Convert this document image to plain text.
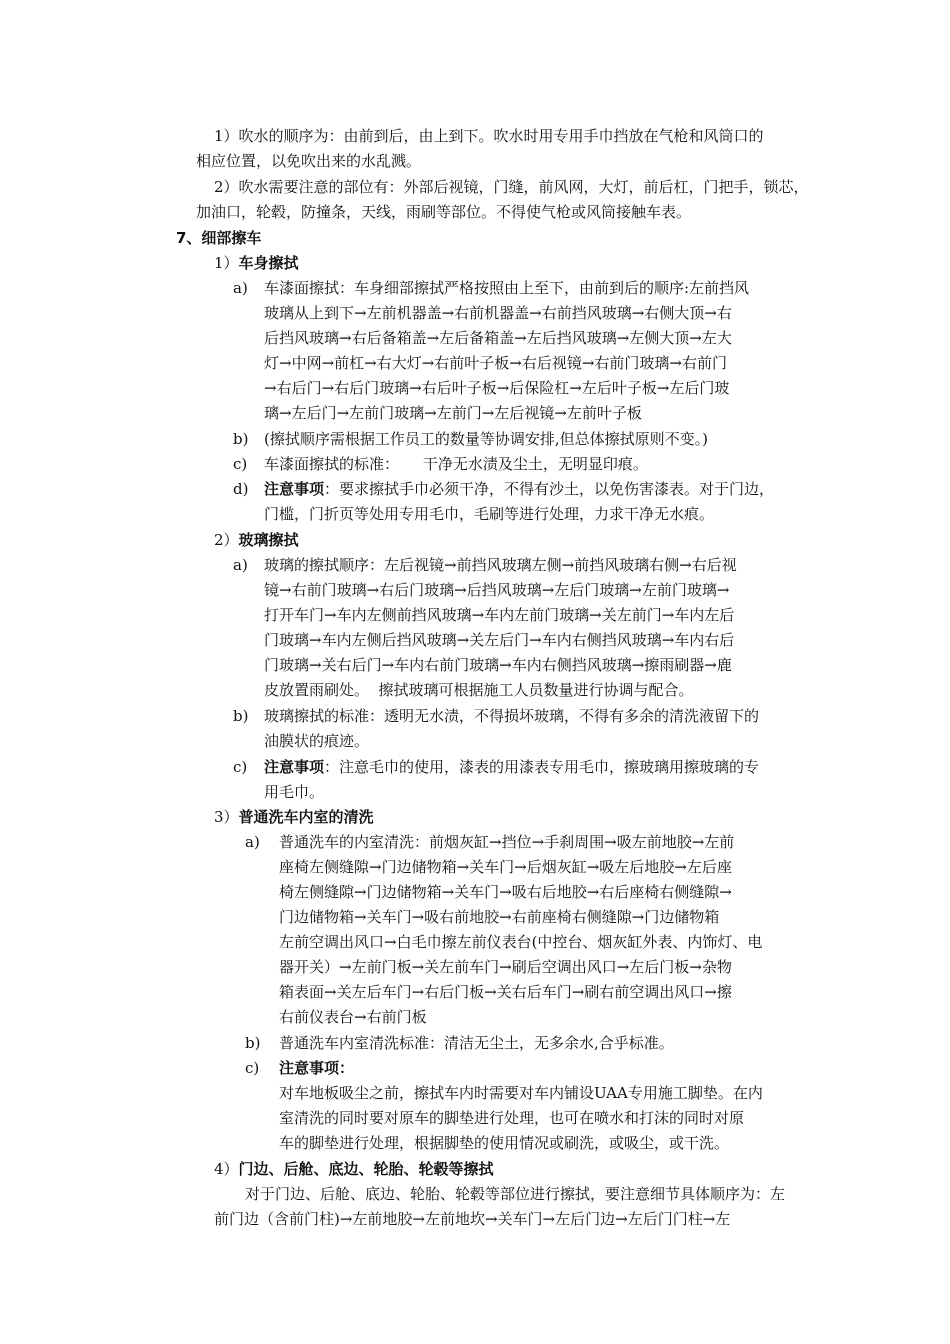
1）吹水的顺序为：由前到后，由上到下。吹水时用专用手巾挡放在气枪和风筒口的
相应位置，以免吹出来的水乱溅。
2）吹水需要注意的部位有：外部后视镜，门缝，前风网，大灯，前后杠，门把手，锁芯，
加油口，轮毂，防撞条，天线，雨刷等部位。不得使气枪或风筒接触车表。
7、细部擦车
1）车身擦拭
a) 车漆面擦拭：车身细部擦拭严格按照由上至下，由前到后的顺序:左前挡风
玻璃从上到下→左前机器盖→右前机器盖→右前挡风玻璃→右侧大顶→右
后挡风玻璃→右后备箱盖→左后备箱盖→左后挡风玻璃→左侧大顶→左大
灯→中网→前杠→右大灯→右前叶子板→右后视镜→右前门玻璃→右前门
→右后门→右后门玻璃→右后叶子板→后保险杠→左后叶子板→左后门玻
璃→左后门→左前门玻璃→左前门→左后视镜→左前叶子板
b) (擦拭顺序需根据工作员工的数量等协调安排,但总体擦拭原则不变。)
c) 车漆面擦拭的标准：     干净无水渍及尘土，无明显印痕。
d) 注意事项：要求擦拭手巾必须干净，不得有沙土，以免伤害漆表。对于门边，
门槛，门折页等处用专用毛巾，毛刷等进行处理，力求干净无水痕。
2）玻璃擦拭
a) 玻璃的擦拭顺序：左后视镜→前挡风玻璃左侧→前挡风玻璃右侧→右后视
镜→右前门玻璃→右后门玻璃→后挡风玻璃→左后门玻璃→左前门玻璃→
打开车门→车内左侧前挡风玻璃→车内左前门玻璃→关左前门→车内左后
门玻璃→车内左侧后挡风玻璃→关左后门→车内右侧挡风玻璃→车内右后
门玻璃→关右后门→车内右前门玻璃→车内右侧挡风玻璃→擦雨刷器→鹿
皮放置雨刷处。  擦拭玻璃可根据施工人员数量进行协调与配合。
b) 玻璃擦拭的标准：透明无水渍，不得损坏玻璃，不得有多余的清洗液留下的
油膜状的痕迹。
c) 注意事项：注意毛巾的使用，漆表的用漆表专用毛巾，擦玻璃用擦玻璃的专
用毛巾。
3）普通洗车内室的清洗
a) 普通洗车的内室清洗：前烟灰缸→挡位→手刹周围→吸左前地胶→左前
座椅左侧缝隙→门边储物箱→关车门→后烟灰缸→吸左后地胶→左后座
椅左侧缝隙→门边储物箱→关车门→吸右后地胶→右后座椅右侧缝隙→
门边储物箱→关车门→吸右前地胶→右前座椅右侧缝隙→门边储物箱
左前空调出风口→白毛巾擦左前仪表台(中控台、烟灰缸外表、内饰灯、电
器开关）→左前门板→关左前车门→刷后空调出风口→左后门板→杂物
箱表面→关左后车门→右后门板→关右后车门→刷右前空调出风口→擦
右前仪表台→右前门板
b) 普通洗车内室清洗标准：清洁无尘土，无多余水,合乎标准。
c) 注意事项：
对车地板吸尘之前，擦拭车内时需要对车内铺设UAA专用施工脚垫。在内
室清洗的同时要对原车的脚垫进行处理，也可在喷水和打沫的同时对原
车的脚垫进行处理，根据脚垫的使用情况或刷洗，或吸尘，或干洗。
4）门边、后舱、底边、轮胎、轮毂等擦拭
对于门边、后舱、底边、轮胎、轮毂等部位进行擦拭，要注意细节具体顺序为：左
前门边（含前门柱)→左前地胶→左前地坎→关车门→左后门边→左后门门柱→左
